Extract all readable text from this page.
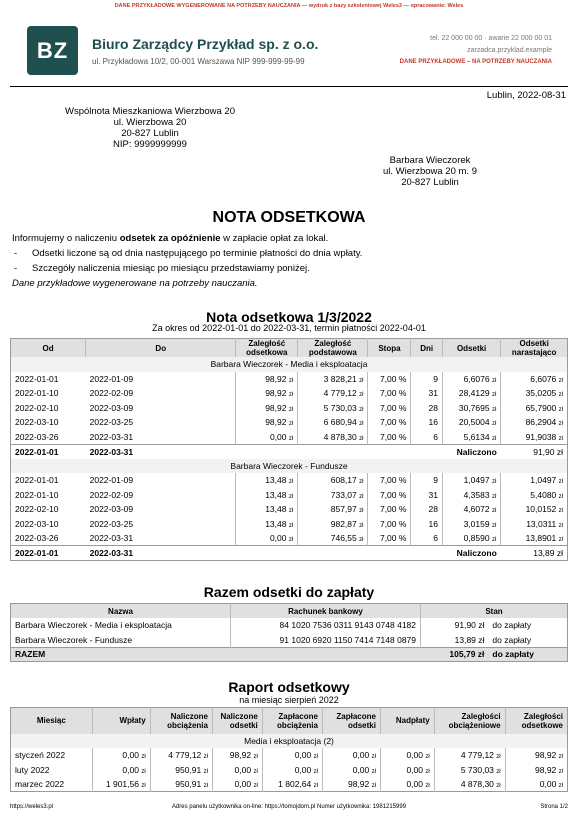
DANE PRZYKŁADOWE WYGENEROWANE NA POTRZEBY NAUCZANIA — wydruk z bazy szkoleniowej Weles3 — opracowanie: Weles
BZ	Biuro Zarządcy Przykład sp. z o.o.
ul. Przykładowa 10/2, 00-001 Warszawa NIP 999-999-99-99
tel. 22 000 00 00 · awarie 22 000 00 01
zarzadca.przyklad.example
DANE PRZYKŁADOWE – NA POTRZEBY NAUCZANIA
Lublin, 2022-08-31
Wspólnota Mieszkaniowa Wierzbowa 20
ul. Wierzbowa 20
20-827 Lublin
NIP: 9999999999
Barbara Wieczorek
ul. Wierzbowa 20 m. 9
20-827 Lublin
NOTA ODSETKOWA
Informujemy o naliczeniu odsetek za opóźnienie w zapłacie opłat za lokal.
- Odsetki liczone są od dnia następującego po terminie płatności do dnia wpłaty.
- Szczegóły naliczenia miesiąc po miesiącu przedstawiamy poniżej.
Dane przykładowe wygenerowane na potrzeby nauczania.
Nota odsetkowa 1/3/2022
Za okres od 2022-01-01 do 2022-03-31, termin płatności 2022-04-01
Od	Do	Zaległość odsetkowa	Zaległość podstawowa	Stopa	Dni	Odsetki	Odsetki narastająco
Barbara Wieczorek - Media i eksploatacja							
2022-01-01	2022-01-09	98,92 zł	3 828,21 zł	7,00 %	9	6,6076 zł	6,6076 zł
2022-01-10	2022-02-09	98,92 zł	4 779,12 zł	7,00 %	31	28,4129 zł	35,0205 zł
2022-02-10	2022-03-09	98,92 zł	5 730,03 zł	7,00 %	28	30,7695 zł	65,7900 zł
2022-03-10	2022-03-25	98,92 zł	6 680,94 zł	7,00 %	16	20,5004 zł	86,2904 zł
2022-03-26	2022-03-31	0,00 zł	4 878,30 zł	7,00 %	6	5,6134 zł	91,9038 zł
2022-01-01	2022-03-31					Naliczono	91,90 zł
Barbara Wieczorek - Fundusze							
2022-01-01	2022-01-09	13,48 zł	608,17 zł	7,00 %	9	1,0497 zł	1,0497 zł
2022-01-10	2022-02-09	13,48 zł	733,07 zł	7,00 %	31	4,3583 zł	5,4080 zł
2022-02-10	2022-03-09	13,48 zł	857,97 zł	7,00 %	28	4,6072 zł	10,0152 zł
2022-03-10	2022-03-25	13,48 zł	982,87 zł	7,00 %	16	3,0159 zł	13,0311 zł
2022-03-26	2022-03-31	0,00 zł	746,55 zł	7,00 %	6	0,8590 zł	13,8901 zł
2022-01-01	2022-03-31					Naliczono	13,89 zł
Razem odsetki do zapłaty
Nazwa	Rachunek bankowy	Stan	
Barbara Wieczorek - Media i eksploatacja	84 1020 7536 0311 9143 0748 4182	91,90 zł	do zapłaty
Barbara Wieczorek - Fundusze	91 1020 6920 1150 7414 7148 0879	13,89 zł	do zapłaty
RAZEM		105,79 zł	do zapłaty
Raport odsetkowy
na miesiąc sierpień 2022
Miesiąc	Wpłaty	Naliczone obciążenia	Naliczone odsetki	Zapłacone obciążenia	Zapłacone odsetki	Nadpłaty	Zaległości obciążeniowe	Zaległości odsetkowe
Media i eksploatacja (2)								
styczeń 2022	0,00 zł	4 779,12 zł	98,92 zł	0,00 zł	0,00 zł	0,00 zł	4 779,12 zł	98,92 zł
luty 2022	0,00 zł	950,91 zł	0,00 zł	0,00 zł	0,00 zł	0,00 zł	5 730,03 zł	98,92 zł
marzec 2022	1 901,56 zł	950,91 zł	0,00 zł	1 802,64 zł	98,92 zł	0,00 zł	4 878,30 zł	0,00 zł
https://weles3.pl	Adres panelu użytkownika on-line: https://tomojdom.pl Numer użytkownika: 1981215999	Strona 1/2
